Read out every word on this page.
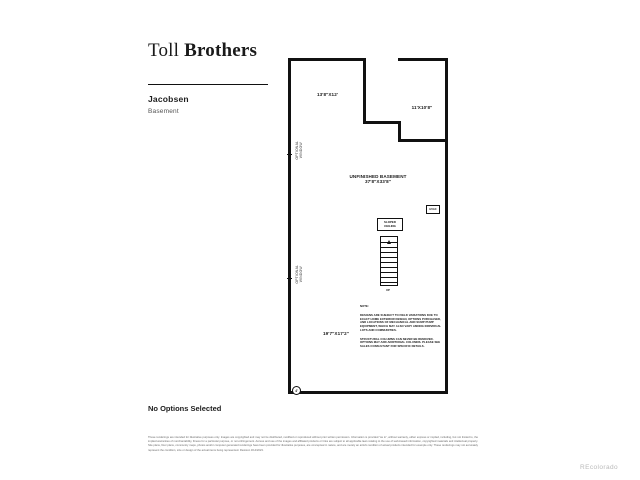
Toll Brothers
Jacobsen
Basement
No Options Selected
These renderings are intended for illustrative purposes only. Images are copyrighted and may not be distributed, modified or reproduced without prior written permission. Information is provided "as is", without warranty, either express or implied, including, but not limited to, the implied warranties of merchantability, fitness for a particular purpose, or non-infringement. Access and use of the images and affiliated products or links are subject to all applicable laws relating to the use of web-based information, copyrighted materials and intellectual property. Site plans, floor plans, community maps, photos and/or computer generated renderings have been provided for illustrative purposes, are conceptual in nature, and are merely an artist's rendition of actual products intended for example only. These renderings may not accurately represent the condition, size or design of the actual items being represented. Revision 3/14/2023.
REcolorado
13'8"X12'
11'X10'8"
UNFINISHED BASEMENT
37'8"X33'8"
19'7"X17'2"
OPTIONAL
WINDOW
OPTIONAL
WINDOW
SLOPED
CEILING
UP
HVAC

NOTE:

DESIGNS ARE SUBJECT TO FIELD VARIATIONS DUE TO EXACT HOME EXTERIOR DESIGN, OPTIONS PURCHASED, AND LOCATIONS OF MECHANICAL AND SUMP PUMP EQUIPMENT, WHICH MAY ALSO VARY AMONG INDIVIDUAL LOTS AND COMMUNITIES.

STRUCTURAL COLUMNS CAN NEVER BE REMOVED. OPTIONS MAY ADD ADDITIONAL COLUMNS. PLEASE SEE SALES CONSULTANT FOR SPECIFIC DETAILS.

4'
